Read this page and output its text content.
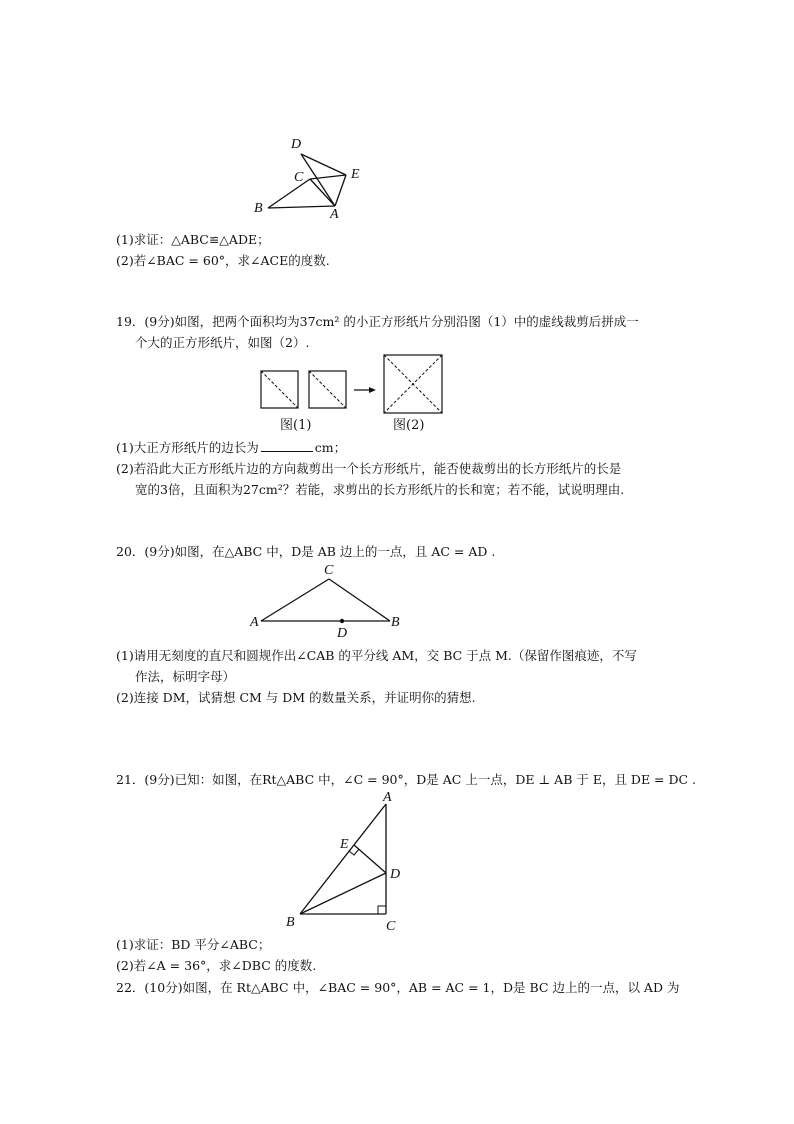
D
C	E
B	A
(1)求证：△ABC≌△ADE；
(2)若∠BAC = 60°，求∠ACE的度数.
19．(9分)如图，把两个面积均为37cm² 的小正方形纸片分别沿图（1）中的虚线裁剪后拼成一
个大的正方形纸片，如图（2）.
图(1)	图(2)
(1)大正方形纸片的边长为	cm；
(2)若沿此大正方形纸片边的方向裁剪出一个长方形纸片，能否使裁剪出的长方形纸片的长是
宽的3倍，且面积为27cm²？若能，求剪出的长方形纸片的长和宽；若不能，试说明理由.
20．(9分)如图，在△ABC 中，D是 AB 边上的一点，且 AC = AD .
C
A	B
D
(1)请用无刻度的直尺和圆规作出∠CAB 的平分线 AM，交 BC 于点 M.（保留作图痕迹，不写
作法，标明字母）
(2)连接 DM，试猜想 CM 与 DM 的数量关系，并证明你的猜想.
21．(9分)已知：如图，在Rt△ABC 中，∠C = 90°，D是 AC 上一点，DE ⊥ AB 于 E，且 DE = DC .
A
E
D
B	C
(1)求证：BD 平分∠ABC；
(2)若∠A = 36°，求∠DBC 的度数.
22．(10分)如图，在 Rt△ABC 中，∠BAC = 90°，AB = AC = 1，D是 BC 边上的一点，以 AD 为
